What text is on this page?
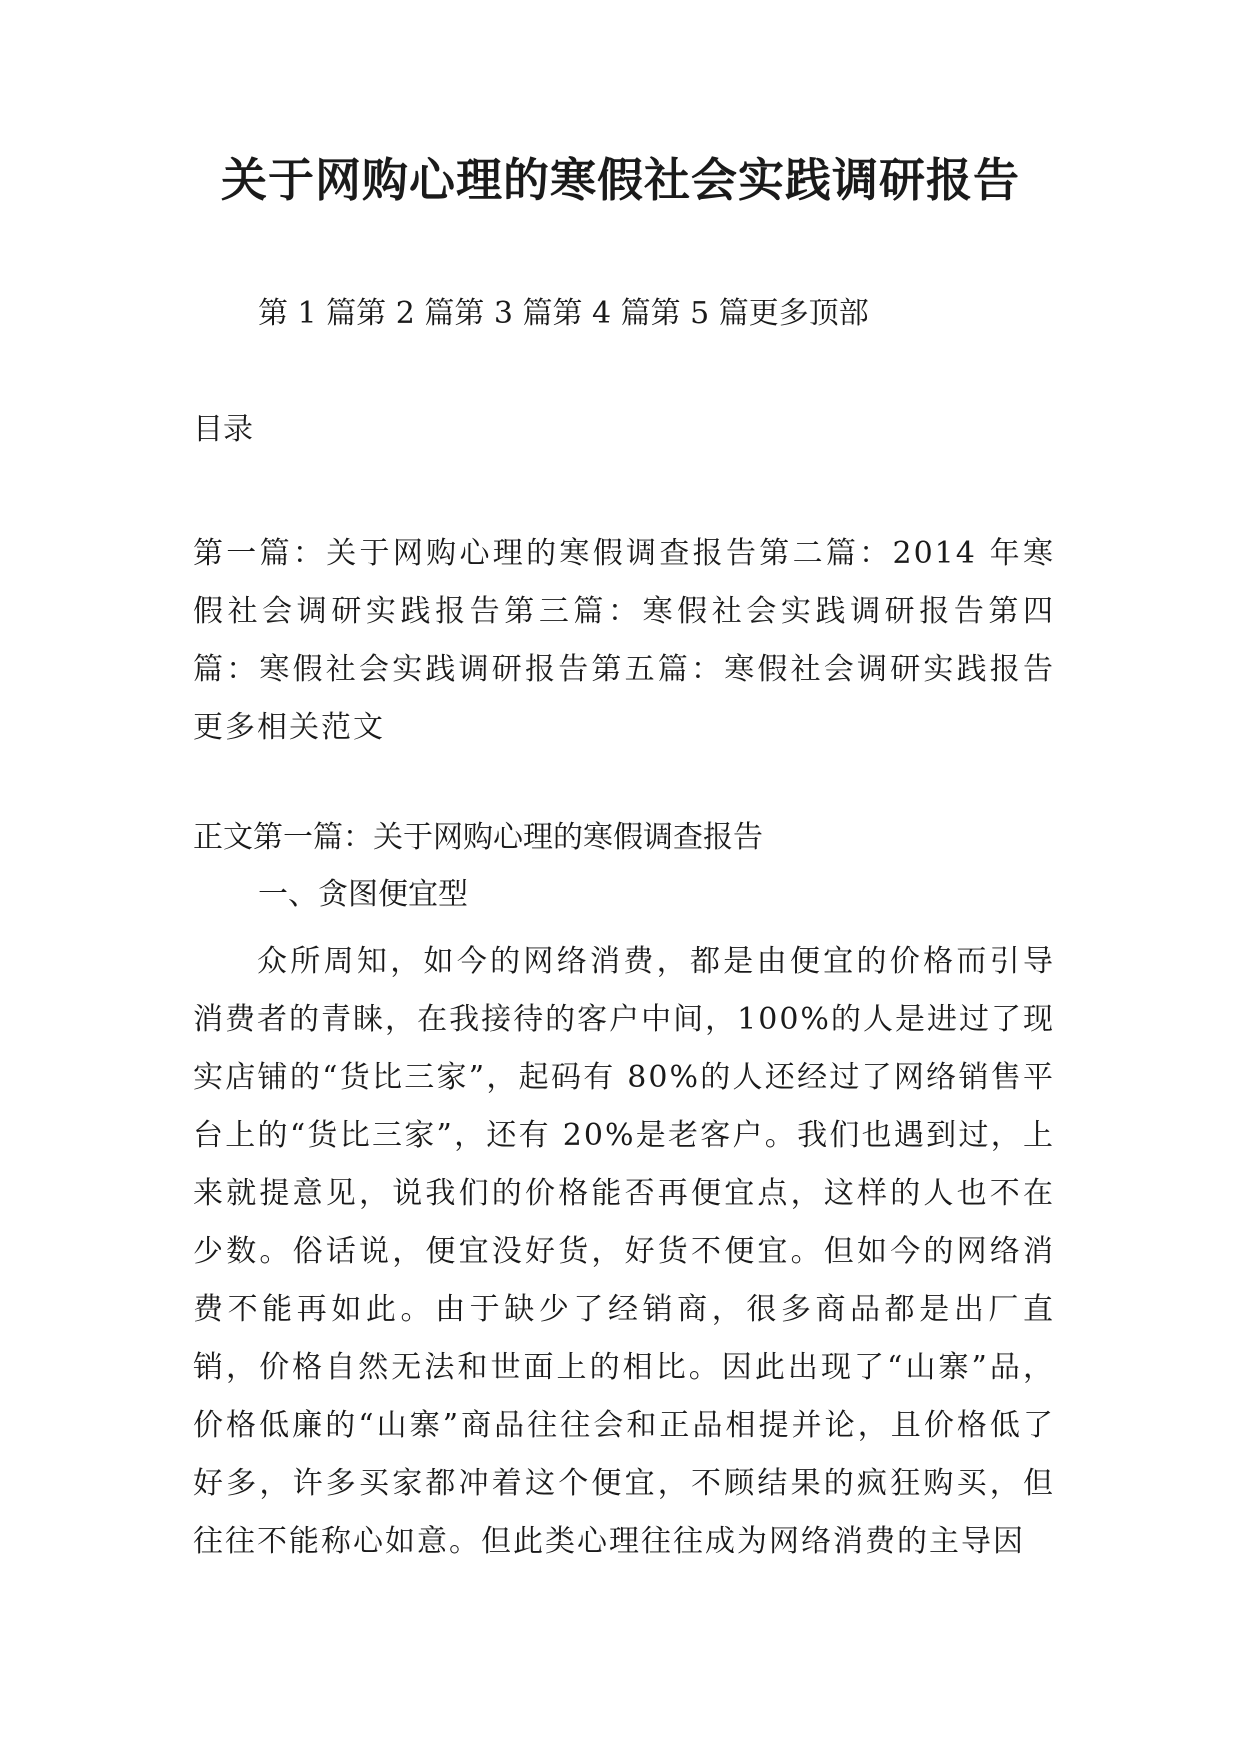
关于网购心理的寒假社会实践调研报告
第 1 篇第 2 篇第 3 篇第 4 篇第 5 篇更多顶部
目录
第一篇：关于网购心理的寒假调查报告第二篇：2014 年寒假社会调研实践报告第三篇：寒假社会实践调研报告第四篇：寒假社会实践调研报告第五篇：寒假社会调研实践报告更多相关范文
正文第一篇：关于网购心理的寒假调查报告
一、贪图便宜型
众所周知，如今的网络消费，都是由便宜的价格而引导消费者的青睐，在我接待的客户中间，100%的人是进过了现实店铺的“货比三家”，起码有 80%的人还经过了网络销售平台上的“货比三家”，还有 20%是老客户。我们也遇到过，上来就提意见，说我们的价格能否再便宜点，这样的人也不在少数。俗话说，便宜没好货，好货不便宜。但如今的网络消费不能再如此。由于缺少了经销商，很多商品都是出厂直销，价格自然无法和世面上的相比。因此出现了“山寨”品，价格低廉的“山寨”商品往往会和正品相提并论，且价格低了好多，许多买家都冲着这个便宜，不顾结果的疯狂购买，但往往不能称心如意。但此类心理往往成为网络消费的主导因
